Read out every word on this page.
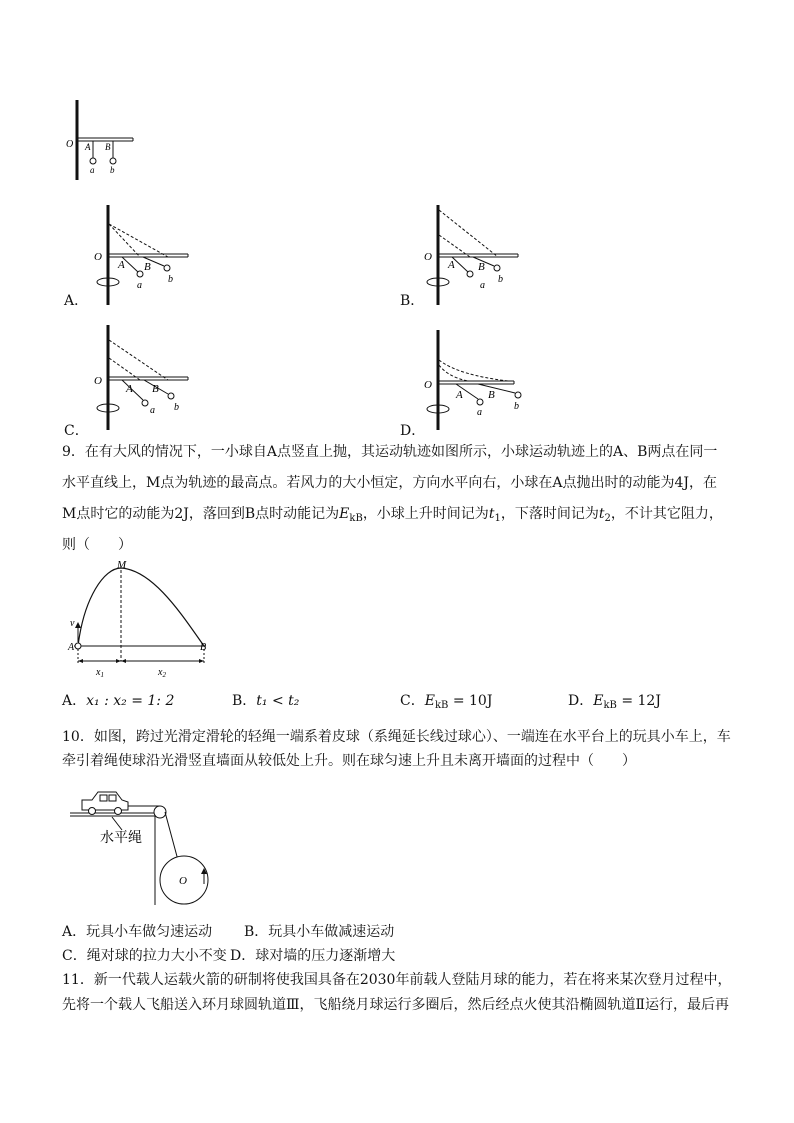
O A B
a b
A．
O
A B
a
b
B．
O
A B
a
b
C．
O
A B
a b
D．
O
A B
a
b
9．在有大风的情况下，一小球自A点竖直上抛，其运动轨迹如图所示，小球运动轨迹上的A、B两点在同一
水平直线上，M点为轨迹的最高点。若风力的大小恒定，方向水平向右，小球在A点抛出时的动能为4J，在
M点时它的动能为2J，落回到B点时动能记为$E_{kB}$，小球上升时间记为$t_1$，下落时间记为$t_2$，不计其它阻力，
则（　　）
M
v
A	B
$x_1$	$x_2$
A．x₁ : x₂ = 1: 2	B．t₁ < t₂	C．$E_{kB} = 10J$	D．$E_{kB} = 12J$
10．如图，跨过光滑定滑轮的轻绳一端系着皮球（系绳延长线过球心）、一端连在水平台上的玩具小车上，车
牵引着绳使球沿光滑竖直墙面从较低处上升。则在球匀速上升且未离开墙面的过程中（　　）
水平绳
O
A．玩具小车做匀速运动 B．玩具小车做减速运动
C．绳对球的拉力大小不变 D．球对墙的压力逐渐增大
11．新一代载人运载火箭的研制将使我国具备在2030年前载人登陆月球的能力，若在将来某次登月过程中，
先将一个载人飞船送入环月球圆轨道Ⅲ，飞船绕月球运行多圈后，然后经点火使其沿椭圆轨道Ⅱ运行，最后再
